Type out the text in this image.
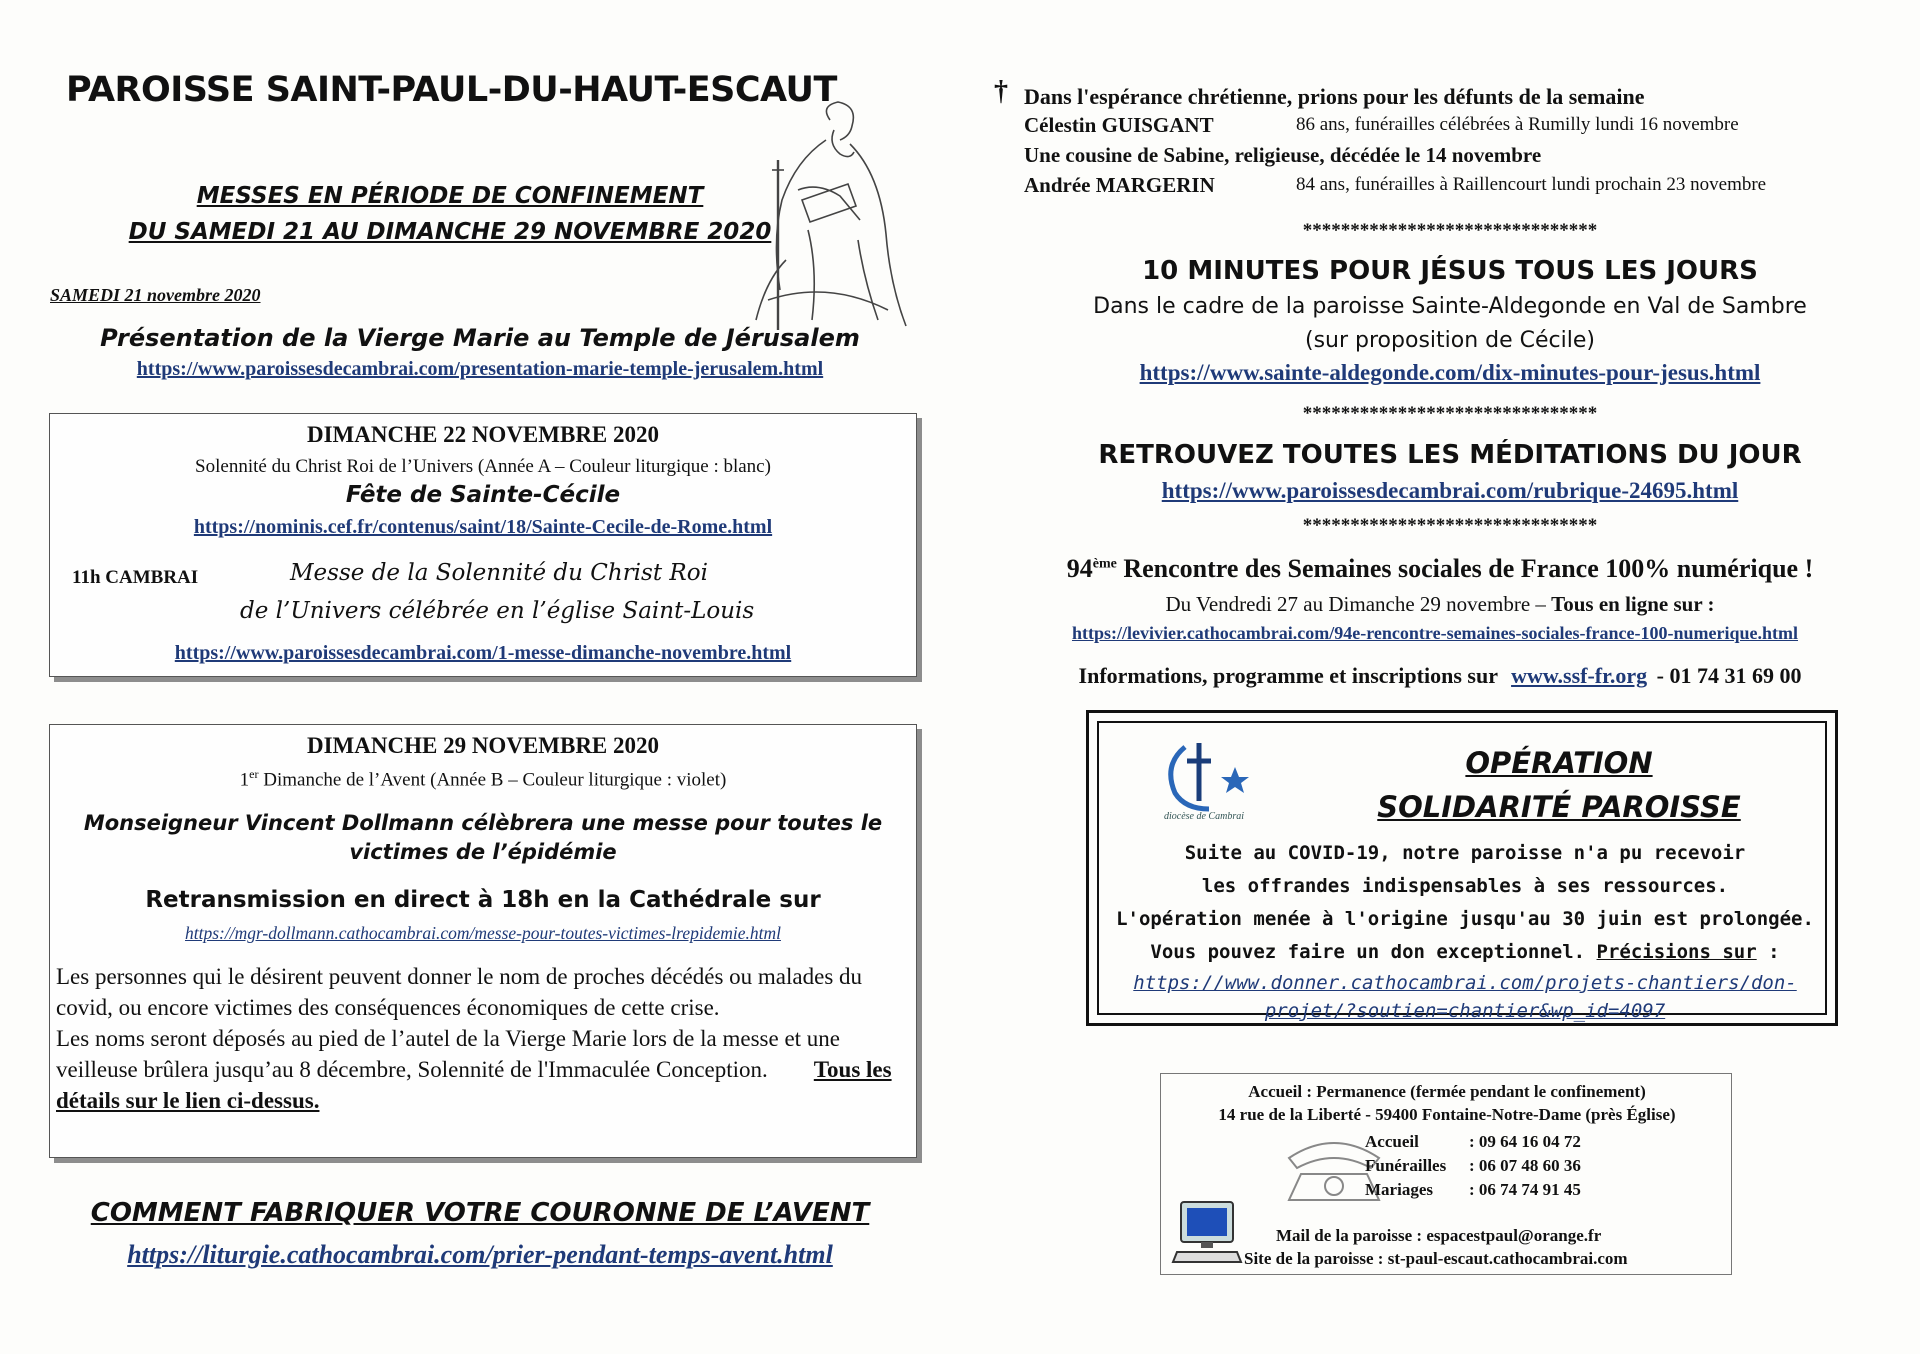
PAROISSE SAINT-PAUL-DU-HAUT-ESCAUT
MESSES EN PÉRIODE DE CONFINEMENT
DU SAMEDI 21 AU DIMANCHE 29 NOVEMBRE 2020
SAMEDI 21 novembre 2020
Présentation de la Vierge Marie au Temple de Jérusalem
https://www.paroissesdecambrai.com/presentation-marie-temple-jerusalem.html
DIMANCHE 22 NOVEMBRE 2020
Solennité du Christ Roi de l’Univers (Année A – Couleur liturgique : blanc)
Fête de Sainte-Cécile
https://nominis.cef.fr/contenus/saint/18/Sainte-Cecile-de-Rome.html
11h CAMBRAI	Messe de la Solennité du Christ Roi
de l’Univers célébrée en l’église Saint-Louis
https://www.paroissesdecambrai.com/1-messe-dimanche-novembre.html
DIMANCHE 29 NOVEMBRE 2020
1er Dimanche de l’Avent (Année B – Couleur liturgique : violet)
Monseigneur Vincent Dollmann célèbrera une messe pour toutes le
victimes de l’épidémie
Retransmission en direct à 18h en la Cathédrale sur
https://mgr-dollmann.cathocambrai.com/messe-pour-toutes-victimes-lrepidemie.html
Les personnes qui le désirent peuvent donner le nom de proches décédés ou malades du covid, ou encore victimes des conséquences économiques de cette crise.
Les noms seront déposés au pied de l’autel de la Vierge Marie lors de la messe et une veilleuse brûlera jusqu’au 8 décembre, Solennité de l'Immaculée Conception. Tous les détails sur le lien ci-dessus.
COMMENT FABRIQUER VOTRE COURONNE DE L’AVENT
https://liturgie.cathocambrai.com/prier-pendant-temps-avent.html
† Dans l'espérance chrétienne, prions pour les défunts de la semaine
Célestin GUISGANT	86 ans, funérailles célébrées à Rumilly lundi 16 novembre
Une cousine de Sabine, religieuse, décédée le 14 novembre
Andrée MARGERIN	84 ans, funérailles à Raillencourt lundi prochain 23 novembre
*******************************
10 MINUTES POUR JÉSUS TOUS LES JOURS
Dans le cadre de la paroisse Sainte-Aldegonde en Val de Sambre
(sur proposition de Cécile)
https://www.sainte-aldegonde.com/dix-minutes-pour-jesus.html
*******************************
RETROUVEZ TOUTES LES MÉDITATIONS DU JOUR
https://www.paroissesdecambrai.com/rubrique-24695.html
*******************************
94ème Rencontre des Semaines sociales de France 100% numérique !
Du Vendredi 27 au Dimanche 29 novembre – Tous en ligne sur :
https://levivier.cathocambrai.com/94e-rencontre-semaines-sociales-france-100-numerique.html
Informations, programme et inscriptions sur www.ssf-fr.org - 01 74 31 69 00
diocèse de Cambrai
OPÉRATION
SOLIDARITÉ PAROISSE
Suite au COVID-19, notre paroisse n'a pu recevoir
les offrandes indispensables à ses ressources.
L'opération menée à l'origine jusqu'au 30 juin est prolongée.
Vous pouvez faire un don exceptionnel. Précisions sur :
https://www.donner.cathocambrai.com/projets-chantiers/don-
projet/?soutien=chantier&wp_id=4097
Accueil : Permanence (fermée pendant le confinement)
14 rue de la Liberté - 59400 Fontaine-Notre-Dame (près Église)
Accueil	: 09 64 16 04 72
Funérailles	: 06 07 48 60 36
Mariages	: 06 74 74 91 45
Mail de la paroisse : espacestpaul@orange.fr
Site de la paroisse : st-paul-escaut.cathocambrai.com
